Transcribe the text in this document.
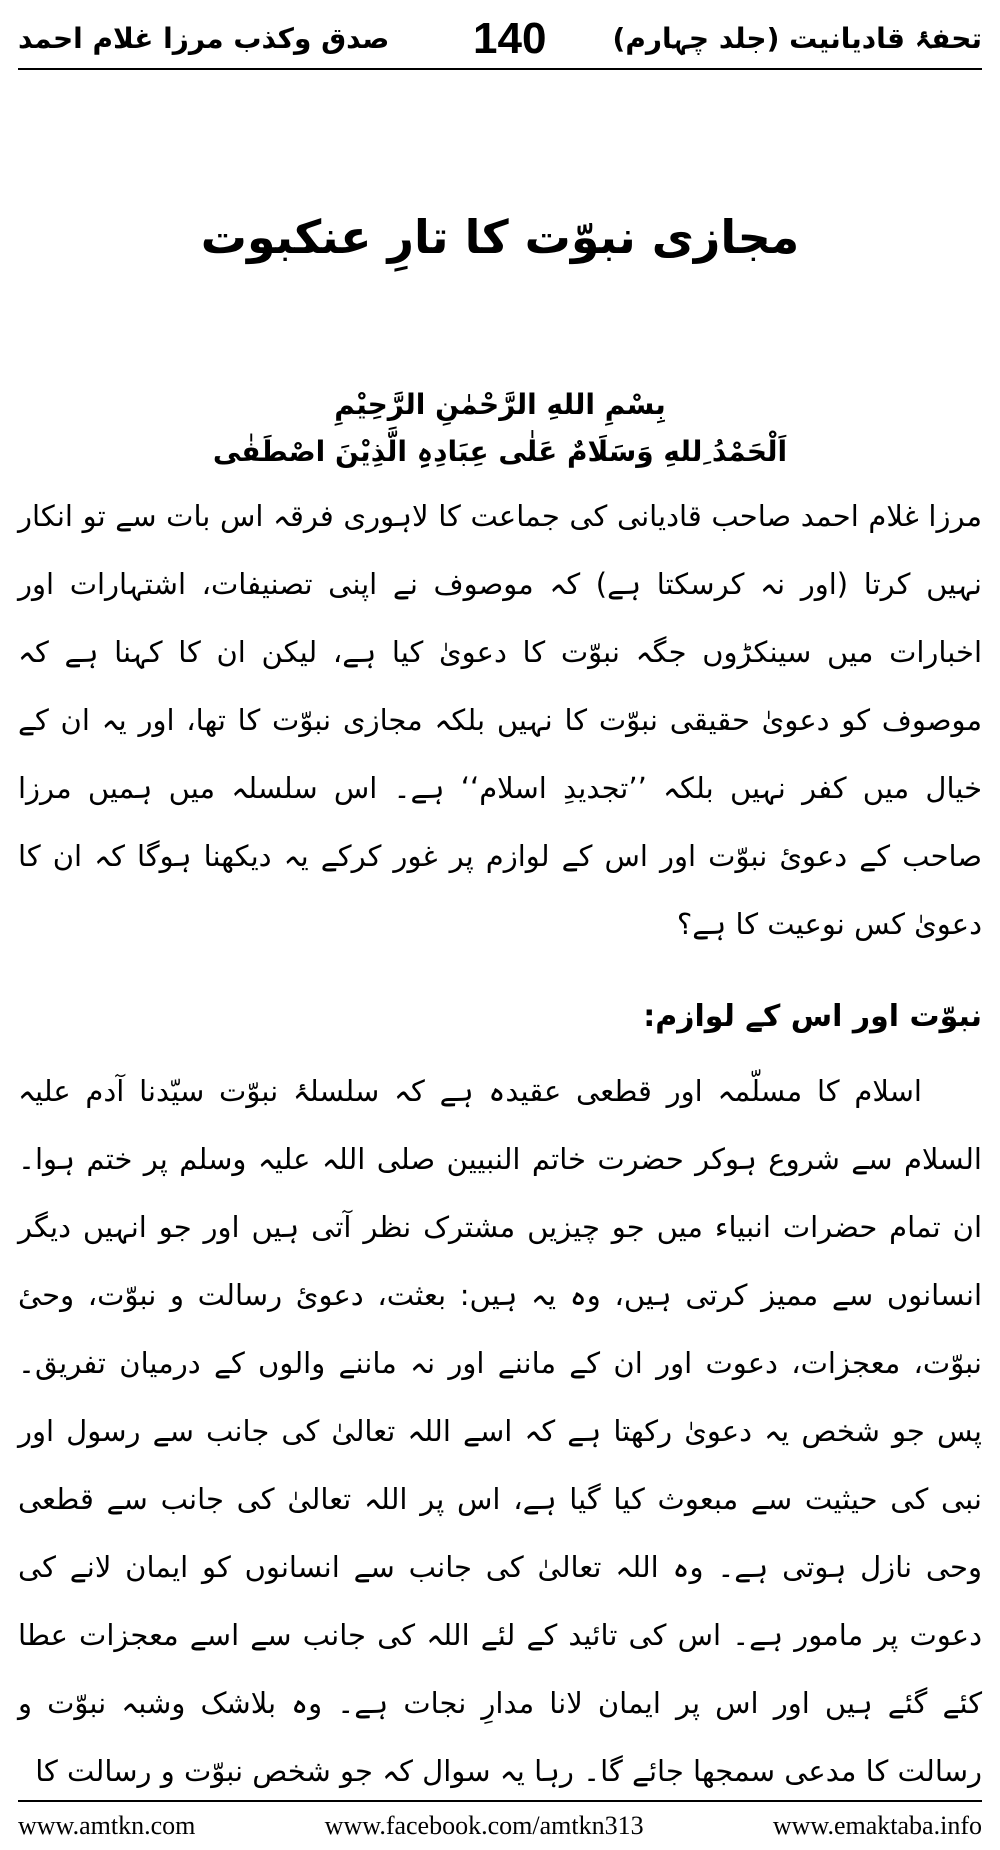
تحفۂ قادیانیت (جلد چہارم)
140
صدق وکذب مرزا غلام احمد
مجازی نبوّت کا تارِ عنکبوت
بِسْمِ اللهِ الرَّحْمٰنِ الرَّحِیْمِ
اَلْحَمْدُ ِللهِ وَسَلَامٌ عَلٰی عِبَادِہِ الَّذِیْنَ اصْطَفٰی

مرزا غلام احمد صاحب قادیانی کی جماعت کا لاہوری فرقہ اس بات سے تو انکار نہیں کرتا (اور نہ کرسکتا ہے) کہ موصوف نے اپنی تصنیفات، اشتہارات اور اخبارات میں سینکڑوں جگہ نبوّت کا دعویٰ کیا ہے، لیکن ان کا کہنا ہے کہ موصوف کو دعویٰ حقیقی نبوّت کا نہیں بلکہ مجازی نبوّت کا تھا، اور یہ ان کے خیال میں کفر نہیں بلکہ ’’تجدیدِ اسلام‘‘ ہے۔ اس سلسلہ میں ہمیں مرزا صاحب کے دعویٔ نبوّت اور اس کے لوازم پر غور کرکے یہ دیکھنا ہوگا کہ ان کا دعویٰ کس نوعیت کا ہے؟

نبوّت اور اس کے لوازم:

اسلام کا مسلّمہ اور قطعی عقیدہ ہے کہ سلسلۂ نبوّت سیّدنا آدم علیہ السلام سے شروع ہوکر حضرت خاتم النبیین صلی اللہ علیہ وسلم پر ختم ہوا۔ ان تمام حضرات انبیاء میں جو چیزیں مشترک نظر آتی ہیں اور جو انہیں دیگر انسانوں سے ممیز کرتی ہیں، وہ یہ ہیں: بعثت، دعویٔ رسالت و نبوّت، وحیٔ نبوّت، معجزات، دعوت اور ان کے ماننے اور نہ ماننے والوں کے درمیان تفریق۔ پس جو شخص یہ دعویٰ رکھتا ہے کہ اسے اللہ تعالیٰ کی جانب سے رسول اور نبی کی حیثیت سے مبعوث کیا گیا ہے، اس پر اللہ تعالیٰ کی جانب سے قطعی وحی نازل ہوتی ہے۔ وہ اللہ تعالیٰ کی جانب سے انسانوں کو ایمان لانے کی دعوت پر مامور ہے۔ اس کی تائید کے لئے اللہ کی جانب سے اسے معجزات عطا کئے گئے ہیں اور اس پر ایمان لانا مدارِ نجات ہے۔ وہ بلاشک وشبہ نبوّت و رسالت کا مدعی سمجھا جائے گا۔ رہا یہ سوال کہ جو شخص نبوّت و رسالت کا

www.amtkn.com	www.facebook.com/amtkn313	www.emaktaba.info
